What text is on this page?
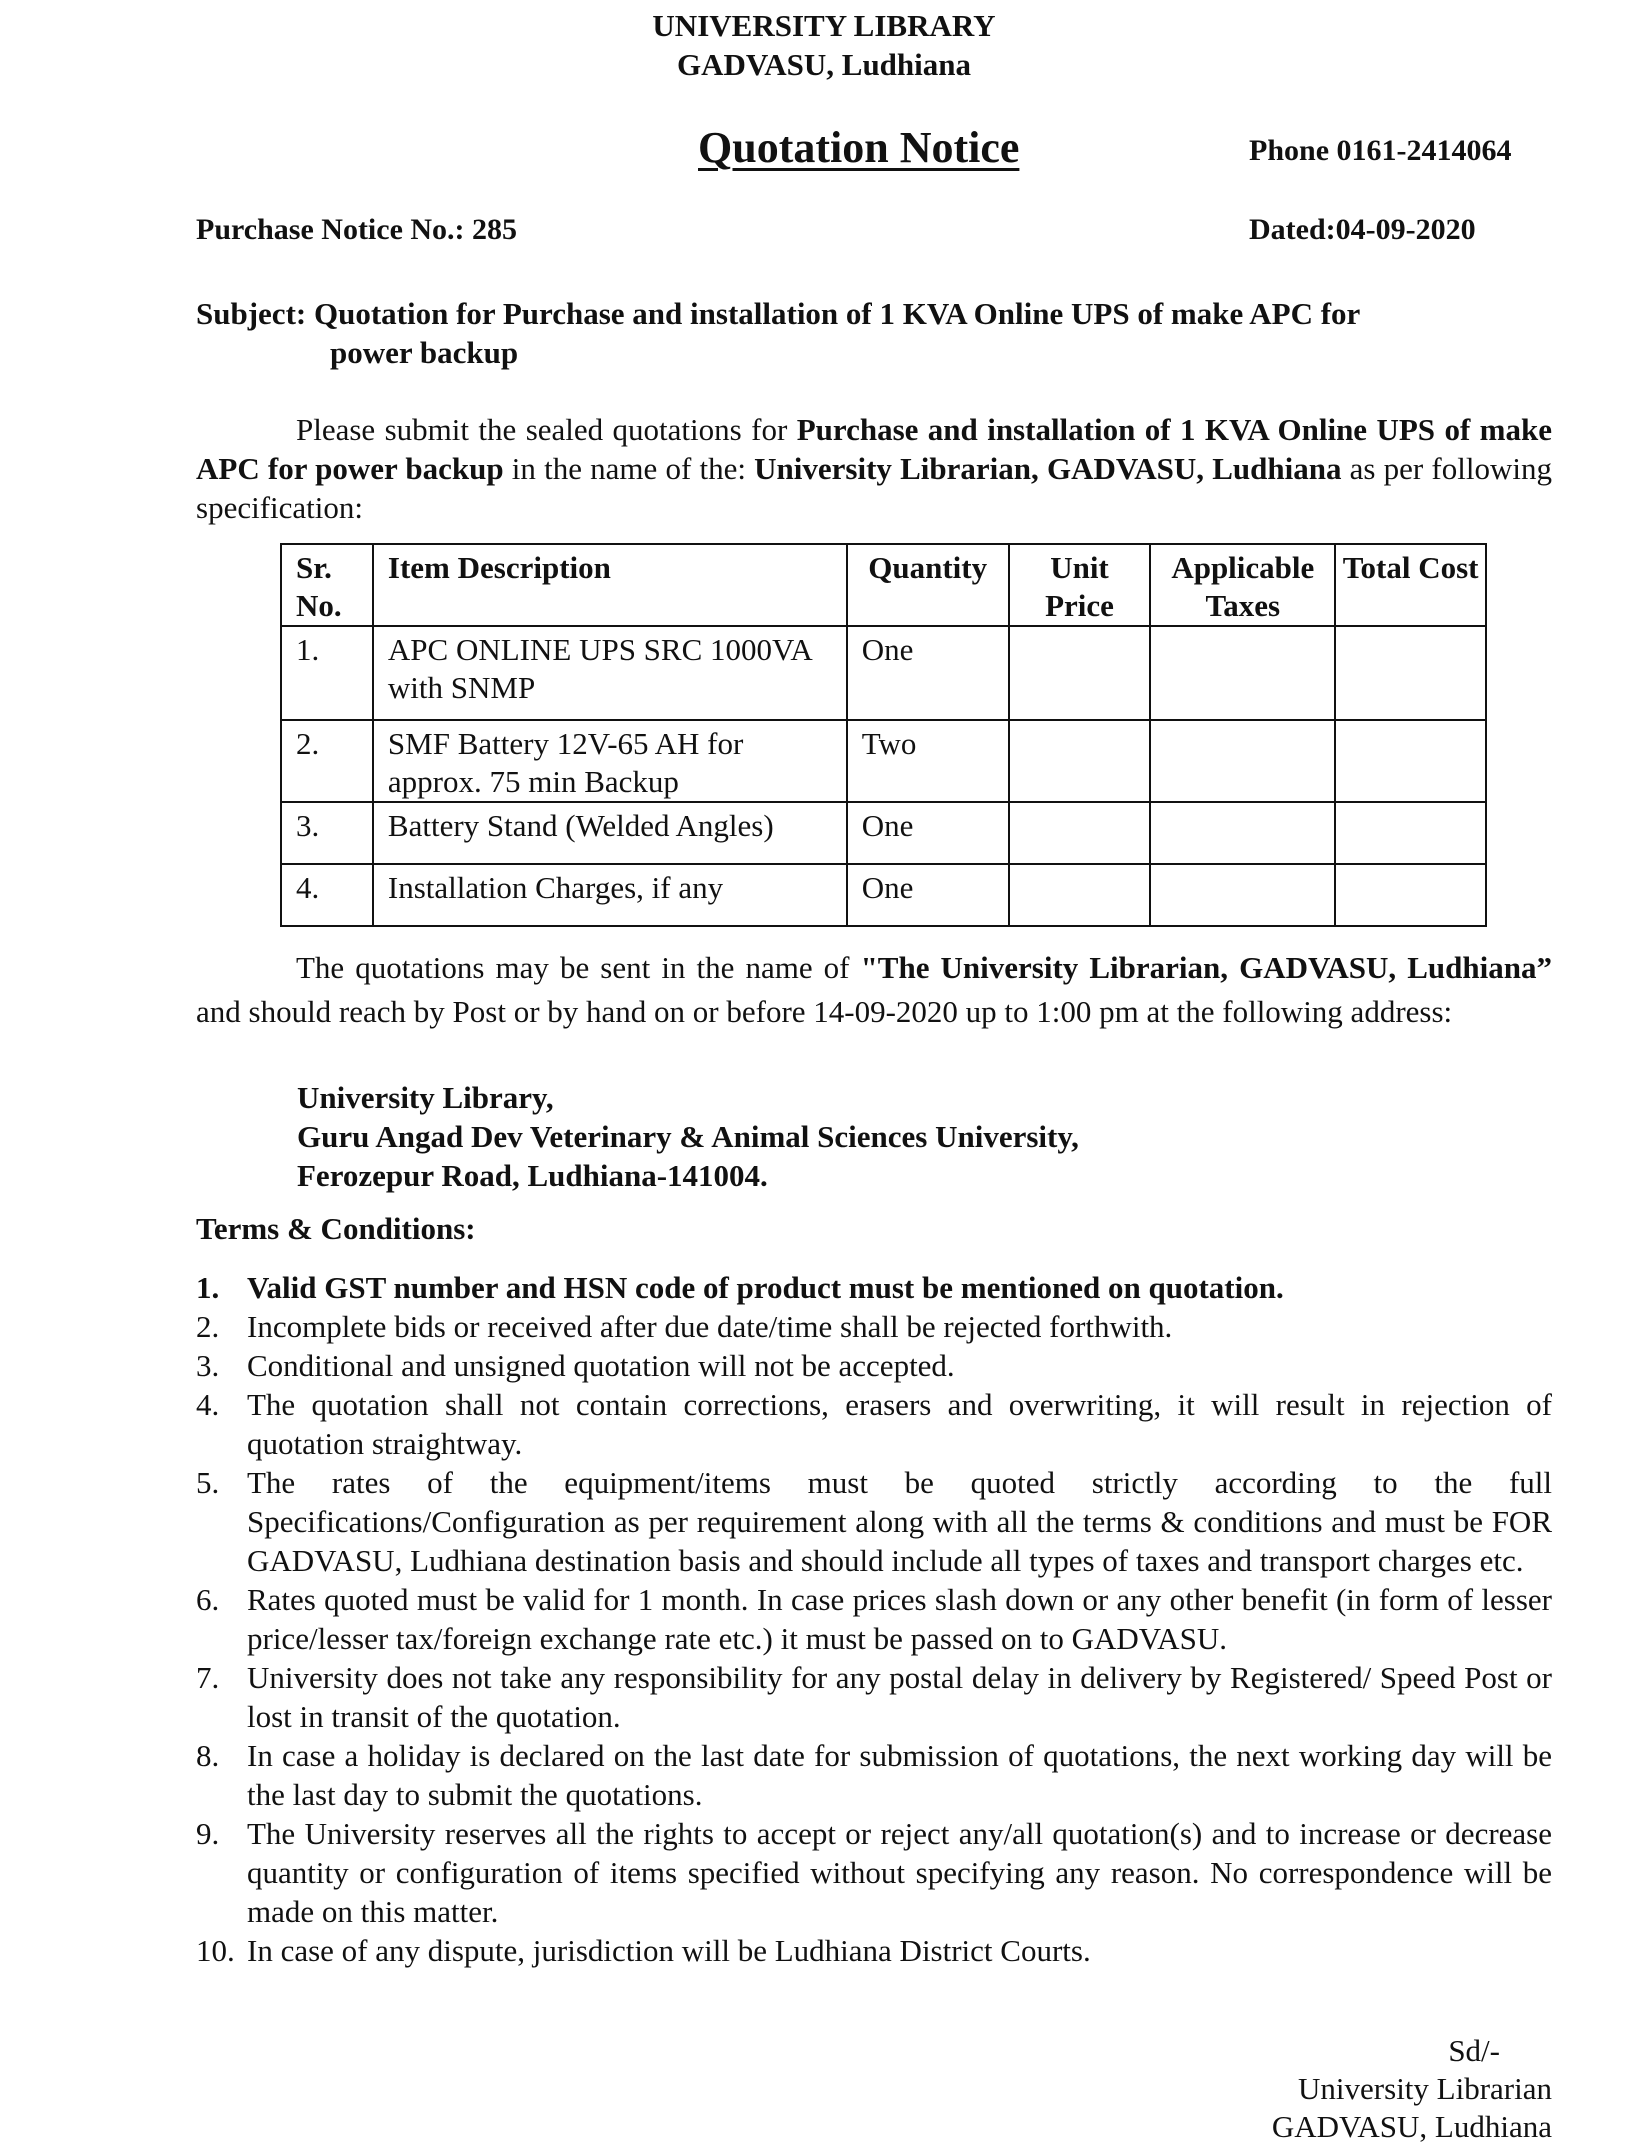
UNIVERSITY LIBRARY
GADVASU, Ludhiana
Quotation Notice	Phone 0161-2414064
Purchase Notice No.: 285	Dated:04-09-2020
Subject: Quotation for Purchase and installation of 1 KVA Online UPS of make APC for
power backup
Please submit the sealed quotations for Purchase and installation of 1 KVA Online UPS of make APC for power backup in the name of the: University Librarian, GADVASU, Ludhiana as per following specification:
Sr. No.	Item Description	Quantity	Unit Price	Applicable Taxes	Total Cost
1.	APC ONLINE UPS SRC 1000VA with SNMP	One			
2.	SMF Battery 12V-65 AH for approx. 75 min Backup	Two			
3.	Battery Stand (Welded Angles)	One			
4.	Installation Charges, if any	One			
The quotations may be sent in the name of "The University Librarian, GADVASU, Ludhiana” and should reach by Post or by hand on or before 14-09-2020 up to 1:00 pm at the following address:
University Library,
Guru Angad Dev Veterinary & Animal Sciences University,
Ferozepur Road, Ludhiana-141004.
Terms & Conditions:
1. Valid GST number and HSN code of product must be mentioned on quotation.
2. Incomplete bids or received after due date/time shall be rejected forthwith.
3. Conditional and unsigned quotation will not be accepted.
4. The quotation shall not contain corrections, erasers and overwriting, it will result in rejection of quotation straightway.
5. The rates of the equipment/items must be quoted strictly according to the full Specifications/Configuration as per requirement along with all the terms & conditions and must be FOR GADVASU, Ludhiana destination basis and should include all types of taxes and transport charges etc.
6. Rates quoted must be valid for 1 month. In case prices slash down or any other benefit (in form of lesser price/lesser tax/foreign exchange rate etc.) it must be passed on to GADVASU.
7. University does not take any responsibility for any postal delay in delivery by Registered/ Speed Post or lost in transit of the quotation.
8. In case a holiday is declared on the last date for submission of quotations, the next working day will be the last day to submit the quotations.
9. The University reserves all the rights to accept or reject any/all quotation(s) and to increase or decrease quantity or configuration of items specified without specifying any reason. No correspondence will be made on this matter.
10. In case of any dispute, jurisdiction will be Ludhiana District Courts.
Sd/-
University Librarian
GADVASU, Ludhiana
